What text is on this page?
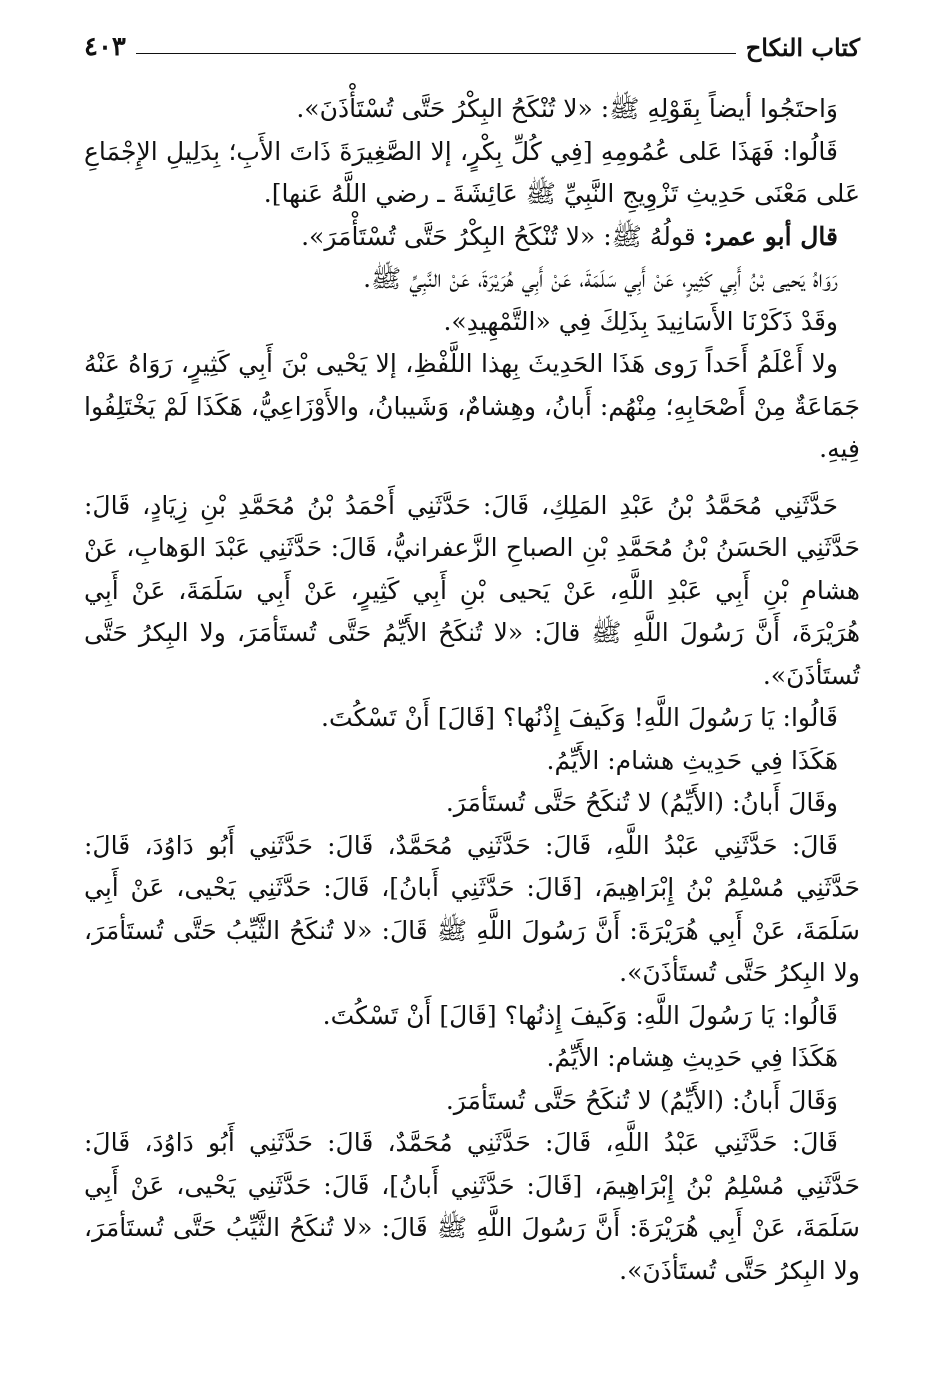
كتاب النكاح
٤٠٣

وَاحتَجُوا أيضاً بِقَوْلِهِ ﷺ: «لا تُنْكَحُ البِكْرُ حَتَّى تُسْتَأْذَنَ».

قَالُوا: فَهَذَا عَلى عُمُومِهِ [فِي كُلِّ بِكْرٍ، إلا الصَّغِيرَةَ ذَاتَ الأَبِ؛ بِدَلِيلِ الإِجْمَاعِ عَلى مَعْنَى حَدِيثِ تَزْوِيجِ النَّبِيِّ ﷺ عَائِشَةَ ـ رضي اللَّهُ عَنها].

قال أبو عمر: قولُهُ ﷺ: «لا تُنْكَحُ البِكْرُ حَتَّى تُسْتَأْمَرَ».

رَوَاهُ يَحيى بْنُ أَبِي كَثِيرٍ، عَنْ أَبِي سَلَمَةَ، عَنْ أَبِي هُرَيْرَةَ، عَنْ النَّبِيِّ ﷺ.

وقَدْ ذَكَرْنَا الأَسَانِيدَ بِذَلِكَ فِي «التَّمْهِيدِ».

ولا أَعْلَمُ أَحَداً رَوى هَذَا الحَدِيثَ بِهذا اللَّفْظِ، إلا يَحْيى بْنَ أَبِي كَثِيرٍ، رَوَاهُ عَنْهُ جَمَاعَةٌ مِنْ أَصْحَابِهِ؛ مِنْهُم: أَبانُ، وهِشامٌ، وَشَيبانُ، والأَوْزَاعِيُّ، هَكَذَا لَمْ يَخْتَلِفُوا فِيهِ.

حَدَّثَنِي مُحَمَّدُ بْنُ عَبْدِ المَلِكِ، قَالَ: حَدَّثَنِي أَحْمَدُ بْنُ مُحَمَّدِ بْنِ زِيَادٍ، قَالَ: حَدَّثَنِي الحَسَنُ بْنُ مُحَمَّدِ بْنِ الصباحِ الزَّعفرانيُّ، قَالَ: حَدَّثَنِي عَبْدَ الوَهابِ، عَنْ هشامِ بْنِ أَبِي عَبْدِ اللَّهِ، عَنْ يَحيى بْنِ أَبِي كَثِيرٍ، عَنْ أَبِي سَلَمَةَ، عَنْ أَبِي هُرَيْرَةَ، أَنَّ رَسُولَ اللَّهِ ﷺ قالَ: «لا تُنكَحُ الأَيِّمُ حَتَّى تُستَأمَرَ، ولا البِكرُ حَتَّى تُستَأذَنَ».

قَالُوا: يَا رَسُولَ اللَّهِ! وَكَيفَ إِذْنُها؟ [قَالَ] أَنْ تَسْكُتَ.

هَكَذَا فِي حَدِيثِ هشام: الأَيِّمُ.

وقَالَ أَبانُ: (الأَيِّمُ) لا تُنكَحُ حَتَّى تُستَأمَرَ.

قَالَ: حَدَّثَنِي عَبْدُ اللَّهِ، قَالَ: حَدَّثَنِي مُحَمَّدٌ، قَالَ: حَدَّثَنِي أَبُو دَاوُدَ، قَالَ: حَدَّثَنِي مُسْلِمُ بْنُ إِبْرَاهِيمَ، [قَالَ: حَدَّثَنِي أَبانُ]، قَالَ: حَدَّثَنِي يَحْيى، عَنْ أَبِي سَلَمَةَ، عَنْ أَبِي هُرَيْرَةَ: أَنَّ رَسُولَ اللَّهِ ﷺ قَالَ: «لا تُنكَحُ الثَّيِّبُ حَتَّى تُستَأمَرَ، ولا البِكرُ حَتَّى تُستَأذَنَ».

قَالُوا: يَا رَسُولَ اللَّهِ: وَكَيفَ إِذنُها؟ [قَالَ] أَنْ تَسْكُتَ.

هَكَذَا فِي حَدِيثِ هِشام: الأَيِّمُ.

وَقَالَ أَبانُ: (الأَيِّمُ) لا تُنكَحُ حَتَّى تُستَأمَرَ.

قَالَ: حَدَّثَنِي عَبْدُ اللَّهِ، قَالَ: حَدَّثَنِي مُحَمَّدٌ، قَالَ: حَدَّثَنِي أَبُو دَاوُدَ، قَالَ: حَدَّثَنِي مُسْلِمُ بْنُ إِبْرَاهِيمَ، [قَالَ: حَدَّثَنِي أَبانُ]، قَالَ: حَدَّثَنِي يَحْيى، عَنْ أَبِي سَلَمَةَ، عَنْ أَبِي هُرَيْرَةَ: أَنَّ رَسُولَ اللَّهِ ﷺ قَالَ: «لا تُنكَحُ الثَّيِّبُ حَتَّى تُستَأمَرَ، ولا البِكرُ حَتَّى تُستَأذَنَ».
